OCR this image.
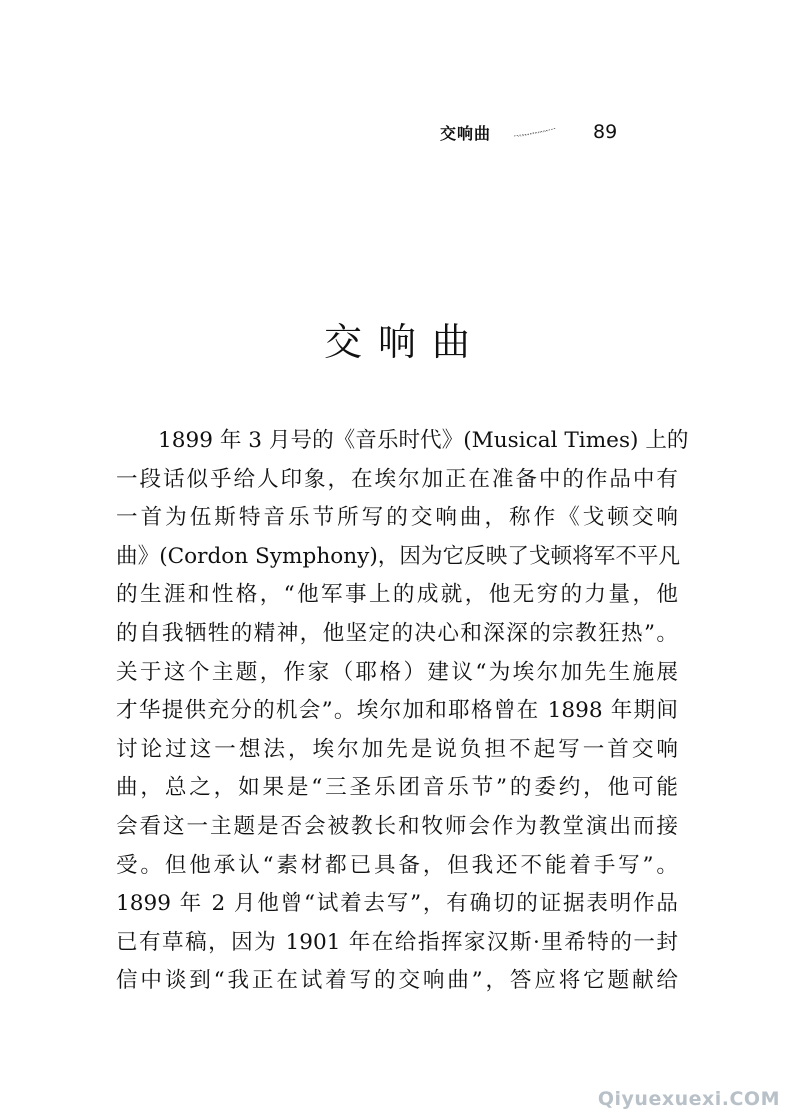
交响曲	89
交响曲
1899 年 3 月号的《音乐时代》(Musical Times) 上的
一段话似乎给人印象，在埃尔加正在准备中的作品中有
一首为伍斯特音乐节所写的交响曲，称作《戈顿交响
曲》(Cordon Symphony)，因为它反映了戈顿将军不平凡
的生涯和性格，“他军事上的成就，他无穷的力量，他
的自我牺牲的精神，他坚定的决心和深深的宗教狂热”。
关于这个主题，作家（耶格）建议“为埃尔加先生施展
才华提供充分的机会”。埃尔加和耶格曾在 1898 年期间
讨论过这一想法，埃尔加先是说负担不起写一首交响
曲，总之，如果是“三圣乐团音乐节”的委约，他可能
会看这一主题是否会被教长和牧师会作为教堂演出而接
受。但他承认“素材都已具备，但我还不能着手写”。
1899 年 2 月他曾“试着去写”，有确切的证据表明作品
已有草稿，因为 1901 年在给指挥家汉斯·里希特的一封
信中谈到“我正在试着写的交响曲”，答应将它题献给
Qiyuexuexi.COM
